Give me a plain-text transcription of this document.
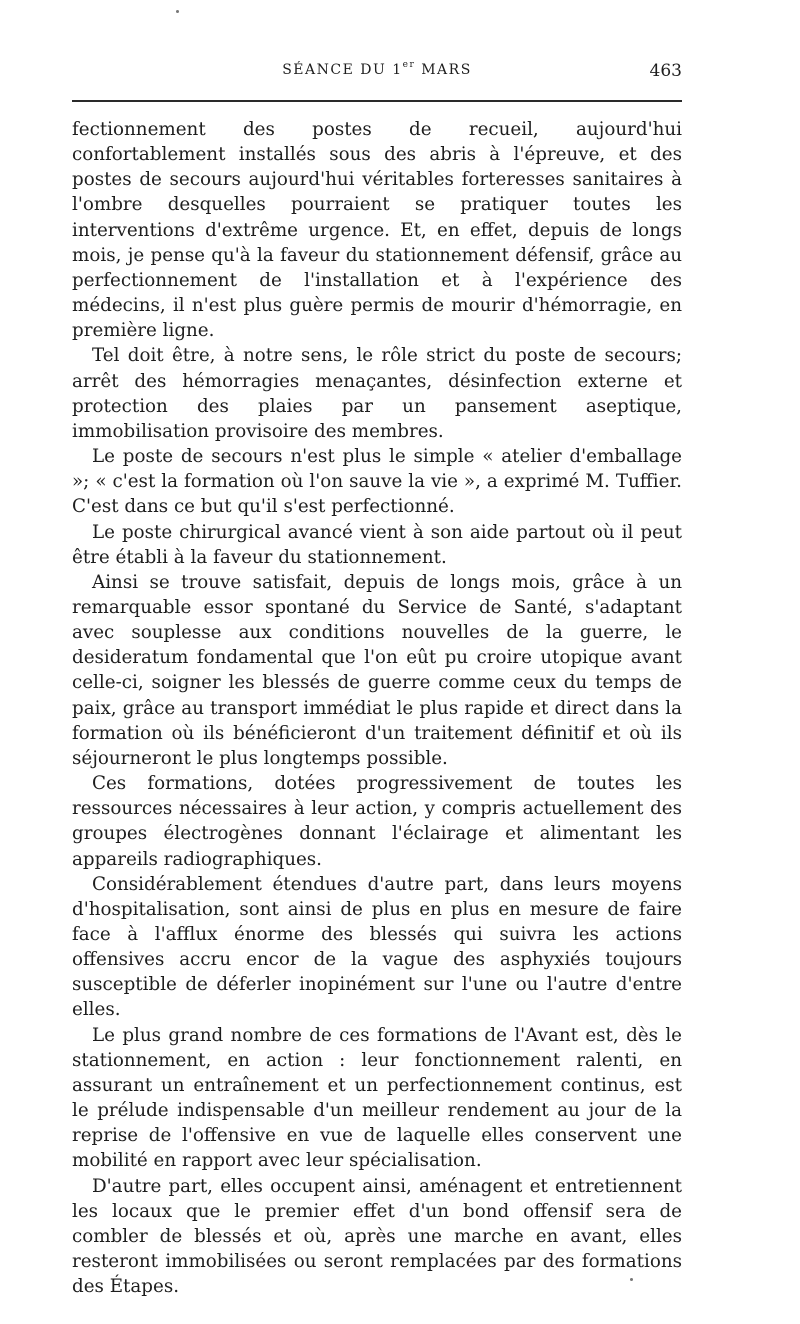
SÉANCE DU 1er MARS	463

fectionnement des postes de recueil, aujourd'hui confortablement installés sous des abris à l'épreuve, et des postes de secours aujourd'hui véritables forteresses sanitaires à l'ombre desquelles pourraient se pratiquer toutes les interventions d'extrême urgence. Et, en effet, depuis de longs mois, je pense qu'à la faveur du stationnement défensif, grâce au perfectionnement de l'installation et à l'expérience des médecins, il n'est plus guère permis de mourir d'hémorragie, en première ligne.

Tel doit être, à notre sens, le rôle strict du poste de secours; arrêt des hémorragies menaçantes, désinfection externe et protection des plaies par un pansement aseptique, immobilisation provisoire des membres.

Le poste de secours n'est plus le simple « atelier d'emballage »; « c'est la formation où l'on sauve la vie », a exprimé M. Tuffier. C'est dans ce but qu'il s'est perfectionné.

Le poste chirurgical avancé vient à son aide partout où il peut être établi à la faveur du stationnement.

Ainsi se trouve satisfait, depuis de longs mois, grâce à un remarquable essor spontané du Service de Santé, s'adaptant avec souplesse aux conditions nouvelles de la guerre, le desideratum fondamental que l'on eût pu croire utopique avant celle-ci, soigner les blessés de guerre comme ceux du temps de paix, grâce au transport immédiat le plus rapide et direct dans la formation où ils bénéficieront d'un traitement définitif et où ils séjourneront le plus longtemps possible.

Ces formations, dotées progressivement de toutes les ressources nécessaires à leur action, y compris actuellement des groupes électrogènes donnant l'éclairage et alimentant les appareils radiographiques.

Considérablement étendues d'autre part, dans leurs moyens d'hospitalisation, sont ainsi de plus en plus en mesure de faire face à l'afflux énorme des blessés qui suivra les actions offensives accru encor de la vague des asphyxiés toujours susceptible de déferler inopinément sur l'une ou l'autre d'entre elles.

Le plus grand nombre de ces formations de l'Avant est, dès le stationnement, en action : leur fonctionnement ralenti, en assurant un entraînement et un perfectionnement continus, est le prélude indispensable d'un meilleur rendement au jour de la reprise de l'offensive en vue de laquelle elles conservent une mobilité en rapport avec leur spécialisation.

D'autre part, elles occupent ainsi, aménagent et entretiennent les locaux que le premier effet d'un bond offensif sera de combler de blessés et où, après une marche en avant, elles resteront immobilisées ou seront remplacées par des formations des Étapes.
